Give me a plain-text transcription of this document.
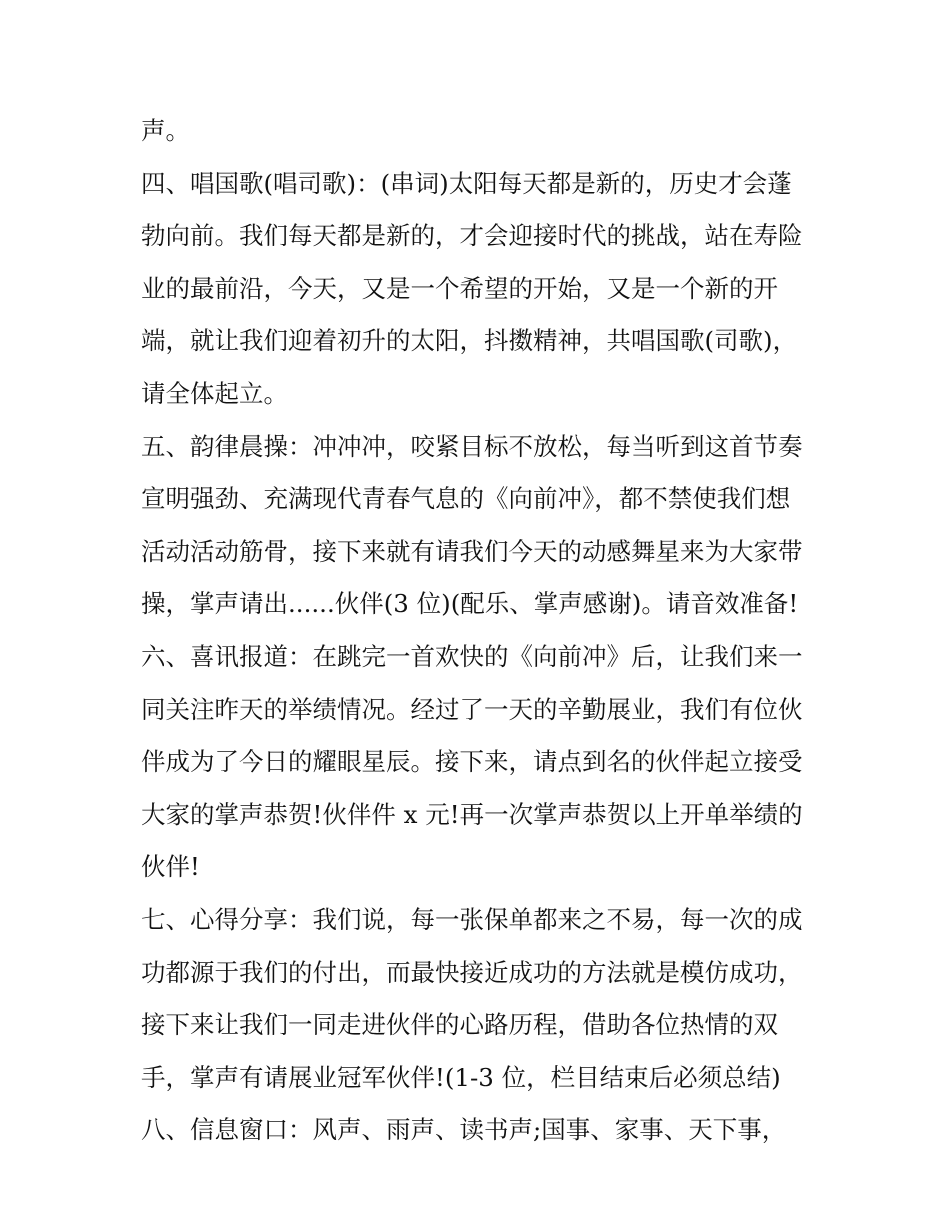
声。
四、唱国歌(唱司歌)：(串词)太阳每天都是新的，历史才会蓬
勃向前。我们每天都是新的，才会迎接时代的挑战，站在寿险
业的最前沿，今天，又是一个希望的开始，又是一个新的开
端，就让我们迎着初升的太阳，抖擞精神，共唱国歌(司歌)，
请全体起立。
五、韵律晨操：冲冲冲，咬紧目标不放松，每当听到这首节奏
宣明强劲、充满现代青春气息的《向前冲》，都不禁使我们想
活动活动筋骨，接下来就有请我们今天的动感舞星来为大家带
操，掌声请出......伙伴(3 位)(配乐、掌声感谢)。请音效准备!
六、喜讯报道：在跳完一首欢快的《向前冲》后，让我们来一
同关注昨天的举绩情况。经过了一天的辛勤展业，我们有位伙
伴成为了今日的耀眼星辰。接下来，请点到名的伙伴起立接受
大家的掌声恭贺!伙伴件 x 元!再一次掌声恭贺以上开单举绩的
伙伴!
七、心得分享：我们说，每一张保单都来之不易，每一次的成
功都源于我们的付出，而最快接近成功的方法就是模仿成功，
接下来让我们一同走进伙伴的心路历程，借助各位热情的双
手，掌声有请展业冠军伙伴!(1-3 位，栏目结束后必须总结)
八、信息窗口：风声、雨声、读书声;国事、家事、天下事，
